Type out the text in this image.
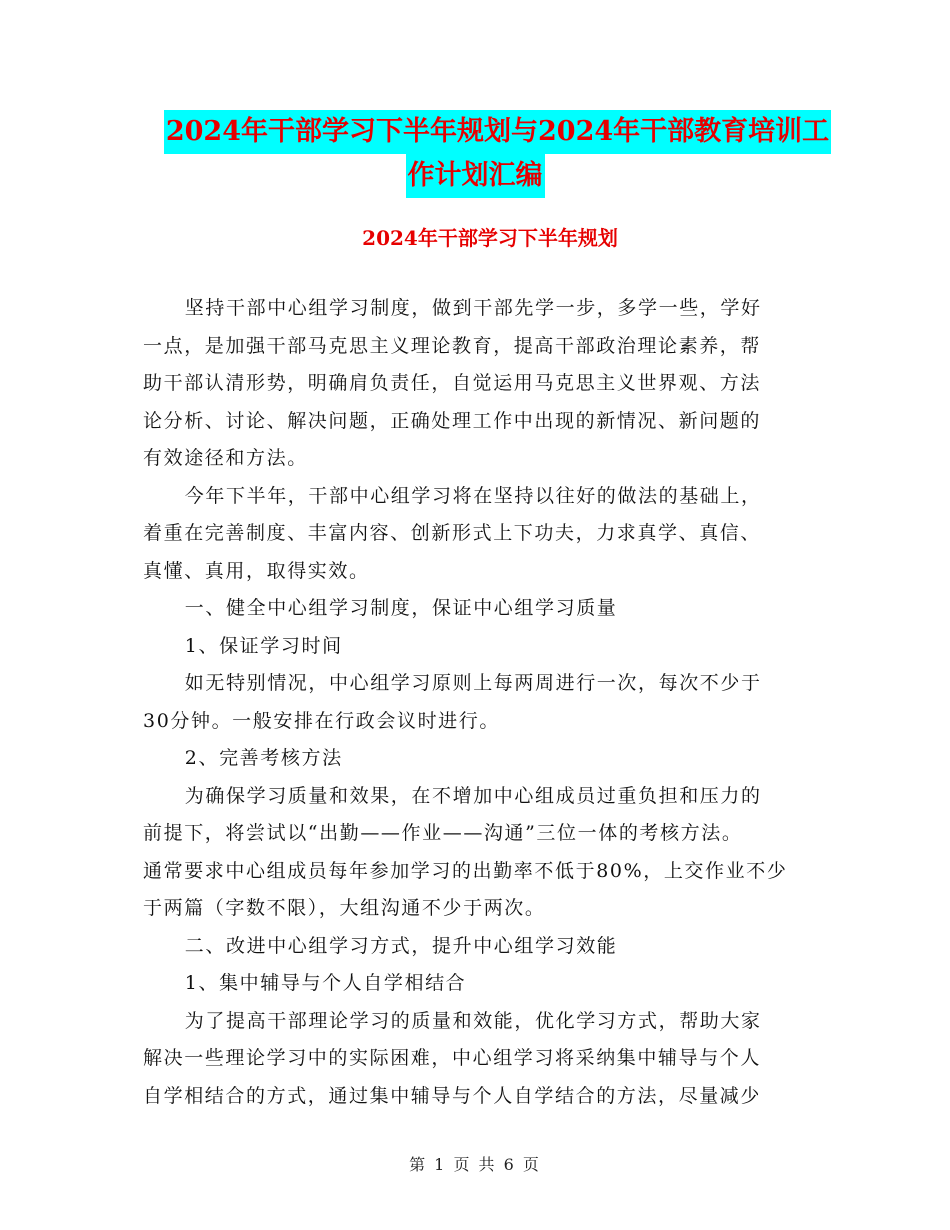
2024年干部学习下半年规划与2024年干部教育培训工
作计划汇编
2024年干部学习下半年规划

坚持干部中心组学习制度，做到干部先学一步，多学一些，学好

一点，是加强干部马克思主义理论教育，提高干部政治理论素养，帮

助干部认清形势，明确肩负责任，自觉运用马克思主义世界观、方法

论分析、讨论、解决问题，正确处理工作中出现的新情况、新问题的

有效途径和方法。

今年下半年，干部中心组学习将在坚持以往好的做法的基础上，

着重在完善制度、丰富内容、创新形式上下功夫，力求真学、真信、

真懂、真用，取得实效。

一、健全中心组学习制度，保证中心组学习质量

1、保证学习时间

如无特别情况，中心组学习原则上每两周进行一次，每次不少于

30分钟。一般安排在行政会议时进行。

2、完善考核方法

为确保学习质量和效果，在不增加中心组成员过重负担和压力的

前提下，将尝试以“出勤——作业——沟通”三位一体的考核方法。

通常要求中心组成员每年参加学习的出勤率不低于80%，上交作业不少

于两篇（字数不限），大组沟通不少于两次。

二、改进中心组学习方式，提升中心组学习效能

1、集中辅导与个人自学相结合

为了提高干部理论学习的质量和效能，优化学习方式，帮助大家

解决一些理论学习中的实际困难，中心组学习将采纳集中辅导与个人

自学相结合的方式，通过集中辅导与个人自学结合的方法，尽量减少

第 1 页 共 6 页
